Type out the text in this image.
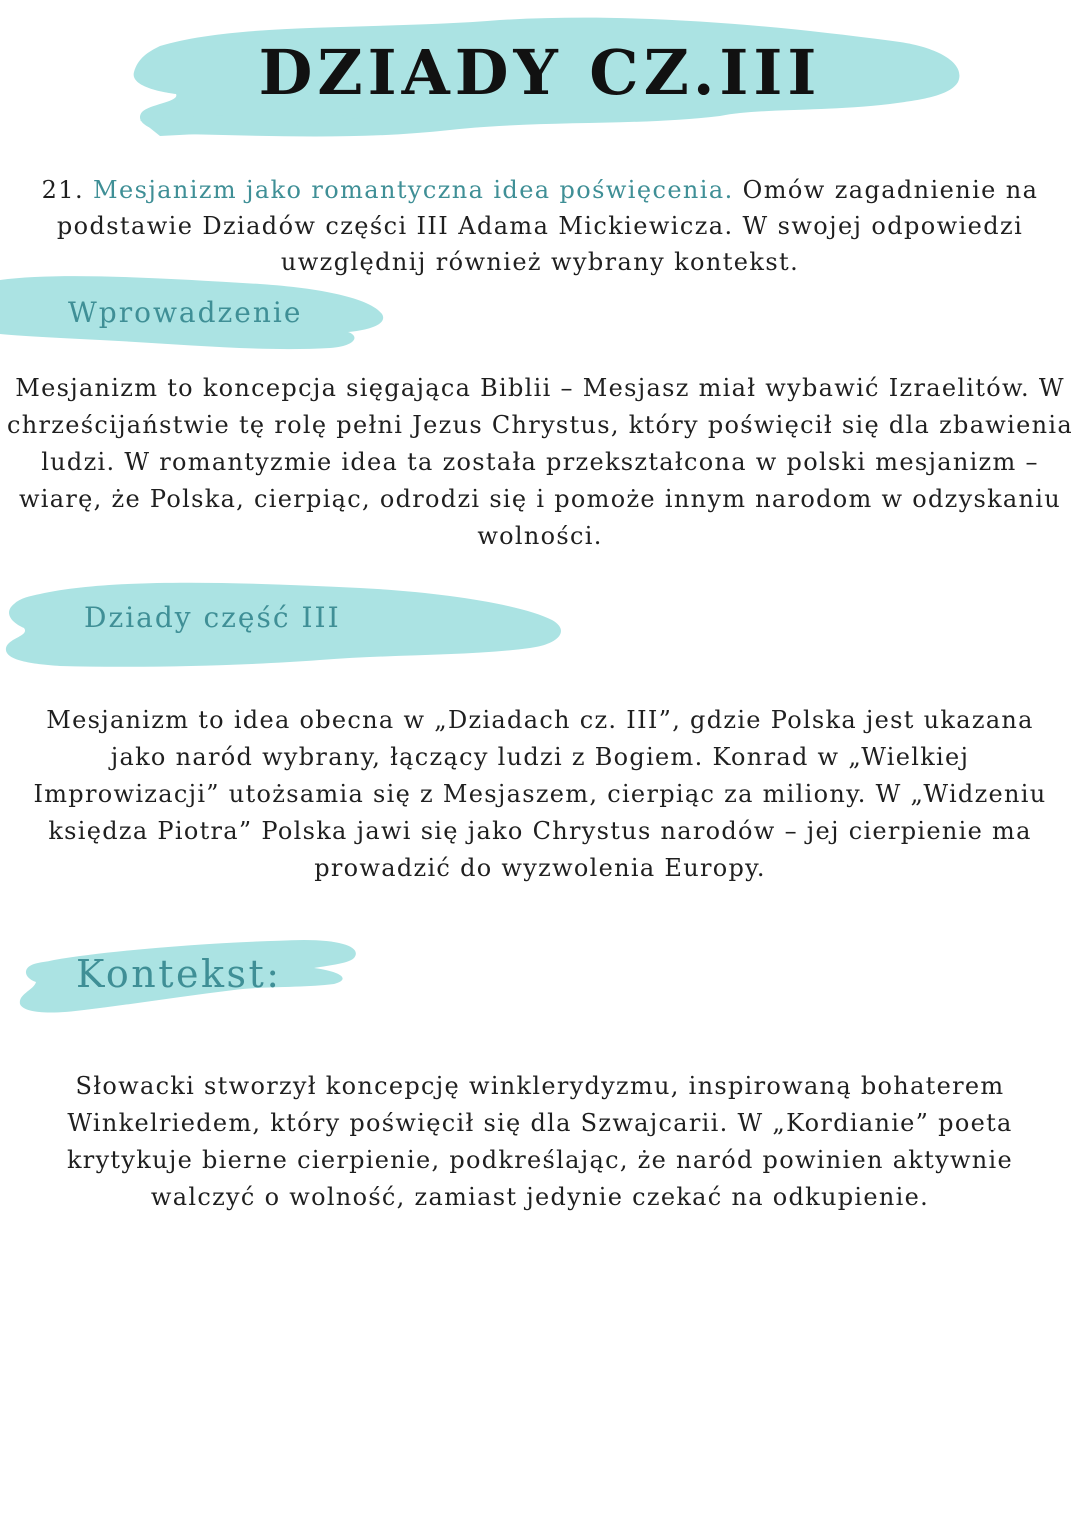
DZIADY CZ.III

21. Mesjanizm jako romantyczna idea poświęcenia. Omów zagadnienie na podstawie Dziadów części III Adama Mickiewicza. W swojej odpowiedzi uwzględnij również wybrany kontekst.

Wprowadzenie

Mesjanizm to koncepcja sięgająca Biblii – Mesjasz miał wybawić Izraelitów. W chrześcijaństwie tę rolę pełni Jezus Chrystus, który poświęcił się dla zbawienia ludzi. W romantyzmie idea ta została przekształcona w polski mesjanizm – wiarę, że Polska, cierpiąc, odrodzi się i pomoże innym narodom w odzyskaniu wolności.

Dziady część III

Mesjanizm to idea obecna w „Dziadach cz. III”, gdzie Polska jest ukazana jako naród wybrany, łączący ludzi z Bogiem. Konrad w „Wielkiej Improwizacji” utożsamia się z Mesjaszem, cierpiąc za miliony. W „Widzeniu księdza Piotra” Polska jawi się jako Chrystus narodów – jej cierpienie ma prowadzić do wyzwolenia Europy.

Kontekst:

Słowacki stworzył koncepcję winklerydyzmu, inspirowaną bohaterem Winkelriedem, który poświęcił się dla Szwajcarii. W „Kordianie” poeta krytykuje bierne cierpienie, podkreślając, że naród powinien aktywnie walczyć o wolność, zamiast jedynie czekać na odkupienie.
